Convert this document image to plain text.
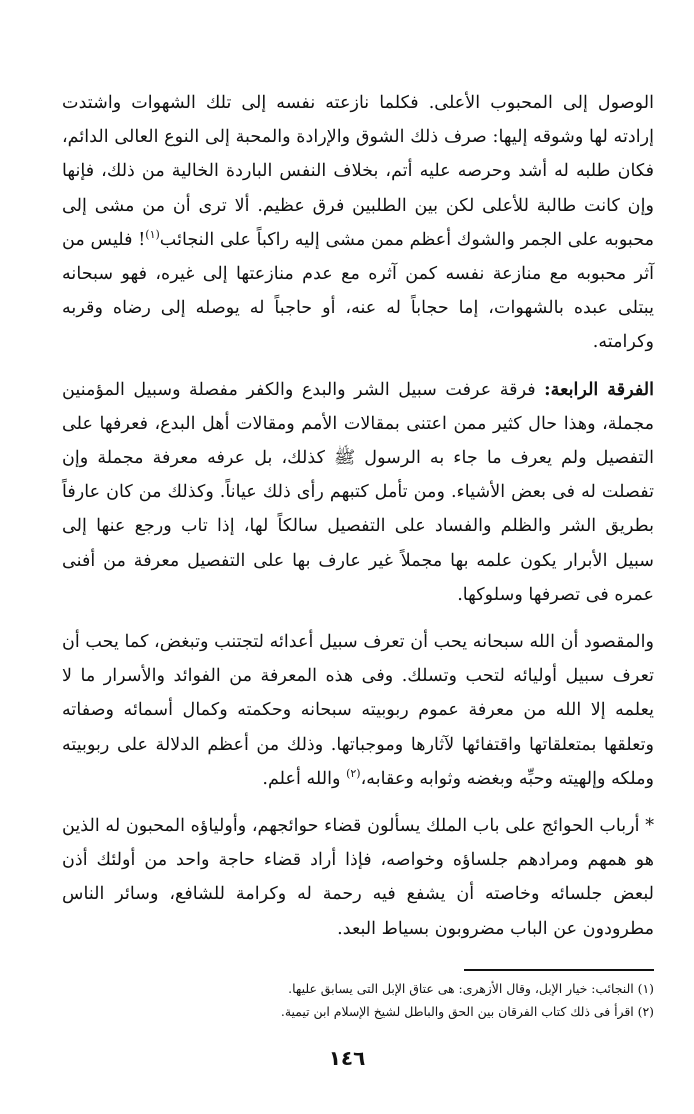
الوصول إلى المحبوب الأعلى. فكلما نازعته نفسه إلى تلك الشهوات واشتدت إرادته لها وشوقه إليها: صرف ذلك الشوق والإرادة والمحبة إلى النوع العالى الدائم، فكان طلبه له أشد وحرصه عليه أتم، بخلاف النفس الباردة الخالية من ذلك، فإنها وإن كانت طالبة للأعلى لكن بين الطلبين فرق عظيم. ألا ترى أن من مشى إلى محبوبه على الجمر والشوك أعظم ممن مشى إليه راكباً على النجائب$^{(١)}$! فليس من آثر محبوبه مع منازعة نفسه كمن آثره مع عدم منازعتها إلى غيره، فهو سبحانه يبتلى عبده بالشهوات، إما حجاباً له عنه، أو حاجباً له يوصله إلى رضاه وقربه وكرامته.

الفرقة الرابعة: فرقة عرفت سبيل الشر والبدع والكفر مفصلة وسبيل المؤمنين مجملة، وهذا حال كثير ممن اعتنى بمقالات الأمم ومقالات أهل البدع، فعرفها على التفصيل ولم يعرف ما جاء به الرسول ﷺ كذلك، بل عرفه معرفة مجملة وإن تفصلت له فى بعض الأشياء. ومن تأمل كتبهم رأى ذلك عياناً. وكذلك من كان عارفاً بطريق الشر والظلم والفساد على التفصيل سالكاً لها، إذا تاب ورجع عنها إلى سبيل الأبرار يكون علمه بها مجملاً غير عارف بها على التفصيل معرفة من أفنى عمره فى تصرفها وسلوكها.

والمقصود أن الله سبحانه يحب أن تعرف سبيل أعدائه لتجتنب وتبغض، كما يحب أن تعرف سبيل أوليائه لتحب وتسلك. وفى هذه المعرفة من الفوائد والأسرار ما لا يعلمه إلا الله من معرفة عموم ربوبيته سبحانه وحكمته وكمال أسمائه وصفاته وتعلقها بمتعلقاتها واقتفائها لآثارها وموجباتها. وذلك من أعظم الدلالة على ربوبيته وملكه وإلهيته وحبِّه وبغضه وثوابه وعقابه،$^{(٢)}$ والله أعلم.

* أرباب الحوائج على باب الملك يسألون قضاء حوائجهم، وأولياؤه المحبون له الذين هو همهم ومرادهم جلساؤه وخواصه، فإذا أراد قضاء حاجة واحد من أولئك أذن لبعض جلسائه وخاصته أن يشفع فيه رحمة له وكرامة للشافع، وسائر الناس مطرودون عن الباب مضروبون بسياط البعد.

(١) النجائب: خيار الإبل، وقال الأزهرى: هى عتاق الإبل التى يسابق عليها.

(٢) اقرأ فى ذلك كتاب الفرقان بين الحق والباطل لشيخ الإسلام ابن تيمية.

١٤٦
